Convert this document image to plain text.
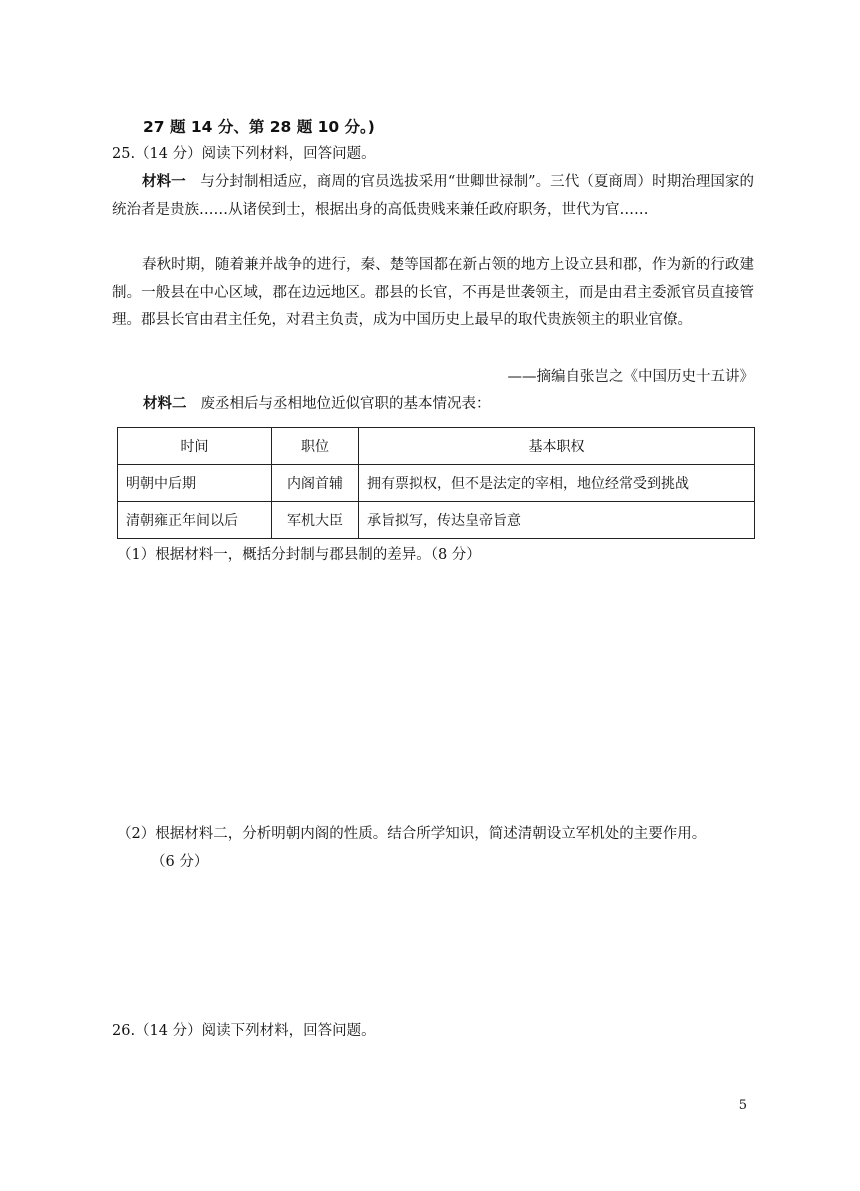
27 题 14 分、第 28 题 10 分。)
25.（14 分）阅读下列材料，回答问题。
材料一　与分封制相适应，商周的官员选拔采用“世卿世禄制”。三代（夏商周）时期治理国家的统治者是贵族……从诸侯到士，根据出身的高低贵贱来兼任政府职务，世代为官……
春秋时期，随着兼并战争的进行，秦、楚等国都在新占领的地方上设立县和郡，作为新的行政建制。一般县在中心区域，郡在边远地区。郡县的长官，不再是世袭领主，而是由君主委派官员直接管理。郡县长官由君主任免，对君主负责，成为中国历史上最早的取代贵族领主的职业官僚。
——摘编自张岂之《中国历史十五讲》
材料二 废丞相后与丞相地位近似官职的基本情况表：
时间	职位	基本职权
明朝中后期	内阁首辅	拥有票拟权，但不是法定的宰相，地位经常受到挑战
清朝雍正年间以后	军机大臣	承旨拟写，传达皇帝旨意
（1）根据材料一，概括分封制与郡县制的差异。（8 分）
（2）根据材料二，分析明朝内阁的性质。结合所学知识，简述清朝设立军机处的主要作用。
（6 分）
26.（14 分）阅读下列材料，回答问题。
5
